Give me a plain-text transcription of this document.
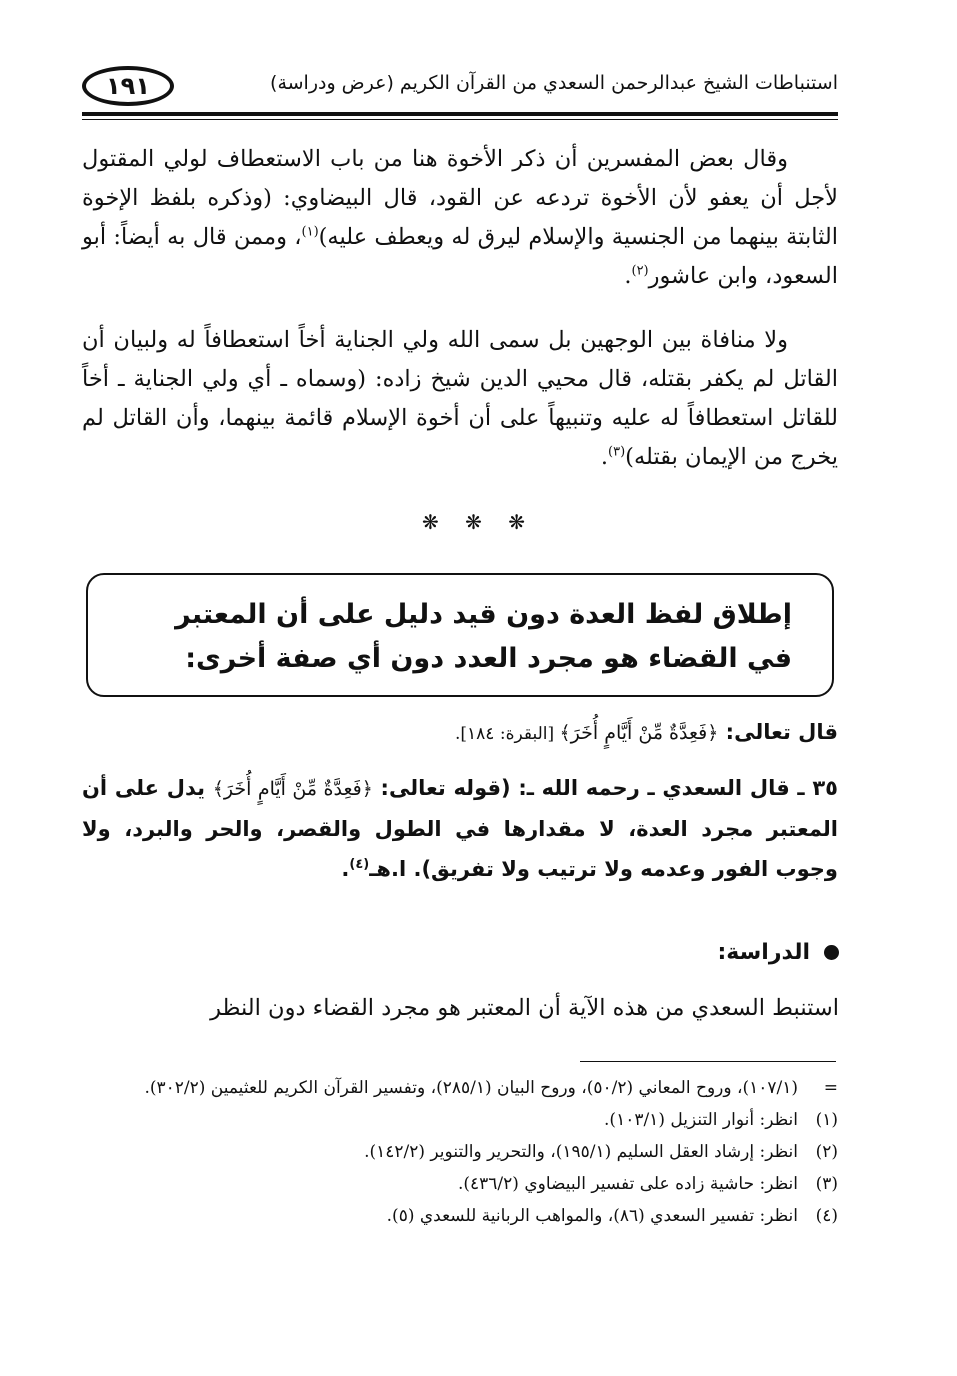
١٩١	استنباطات الشيخ عبدالرحمن السعدي من القرآن الكريم (عرض ودراسة)
وقال بعض المفسرين أن ذكر الأخوة هنا من باب الاستعطاف لولي المقتول لأجل أن يعفو لأن الأخوة تردعه عن القود، قال البيضاوي: (وذكره بلفظ الإخوة الثابتة بينهما من الجنسية والإسلام ليرق له ويعطف عليه)$^{(١)}$، وممن قال به أيضاً: أبو السعود، وابن عاشور$^{(٢)}$.
ولا منافاة بين الوجهين بل سمى الله ولي الجناية أخاً استعطافاً له ولبيان أن القاتل لم يكفر بقتله، قال محيي الدين شيخ زاده: (وسماه ـ أي ولي الجناية ـ أخاً للقاتل استعطافاً له عليه وتنبيهاً على أن أخوة الإسلام قائمة بينهما، وأن القاتل لم يخرج من الإيمان بقتله)$^{(٣)}$.
❋ ❋ ❋
إطلاق لفظ العدة دون قيد دليل على أن المعتبر في القضاء هو مجرد العدد دون أي صفة أخرى:
قال تعالى: ﴿فَعِدَّةٌ مِّنْ أَيَّامٍ أُخَرَ﴾ [البقرة: ١٨٤].
٣٥ ـ قال السعدي ـ رحمه الله ـ: (قوله تعالى: ﴿فَعِدَّةٌ مِّنْ أَيَّامٍ أُخَرَ﴾ يدل على أن المعتبر مجرد العدة، لا مقدارها في الطول والقصر، والحر والبرد، ولا وجوب الفور وعدمه ولا ترتيب ولا تفريق). ا.هـ$^{(٤)}$.
الدراسة:
استنبط السعدي من هذه الآية أن المعتبر هو مجرد القضاء دون النظر
=
(١٠٧/١)، وروح المعاني (٥٠/٢)، وروح البيان (٢٨٥/١)، وتفسير القرآن الكريم للعثيمين (٣٠٢/٢).
(١)
انظر: أنوار التنزيل (١٠٣/١).
(٢)
انظر: إرشاد العقل السليم (١٩٥/١)، والتحرير والتنوير (١٤٢/٢).
(٣)
انظر: حاشية زاده على تفسير البيضاوي (٤٣٦/٢).
(٤)
انظر: تفسير السعدي (٨٦)، والمواهب الربانية للسعدي (٥).
